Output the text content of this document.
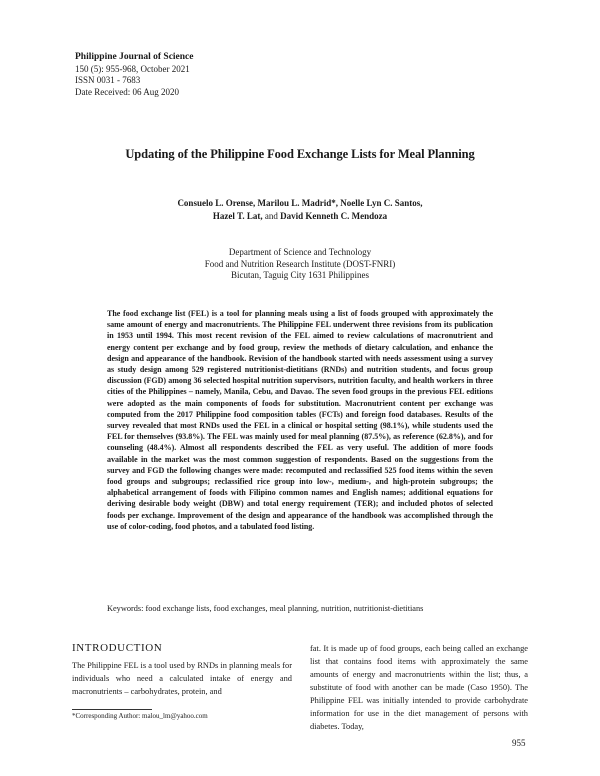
Philippine Journal of Science
150 (5): 955-968, October 2021
ISSN 0031 - 7683
Date Received: 06 Aug 2020
Updating of the Philippine Food Exchange Lists for Meal Planning
Consuelo L. Orense, Marilou L. Madrid*, Noelle Lyn C. Santos,
Hazel T. Lat, and David Kenneth C. Mendoza
Department of Science and Technology
Food and Nutrition Research Institute (DOST-FNRI)
Bicutan, Taguig City 1631 Philippines

The food exchange list (FEL) is a tool for planning meals using a list of foods grouped with approximately the same amount of energy and macronutrients. The Philippine FEL underwent three revisions from its publication in 1953 until 1994. This most recent revision of the FEL aimed to review calculations of macronutrient and energy content per exchange and by food group, review the methods of dietary calculation, and enhance the design and appearance of the handbook. Revision of the handbook started with needs assessment using a survey as study design among 529 registered nutritionist-dietitians (RNDs) and nutrition students, and focus group discussion (FGD) among 36 selected hospital nutrition supervisors, nutrition faculty, and health workers in three cities of the Philippines – namely, Manila, Cebu, and Davao. The seven food groups in the previous FEL editions were adopted as the main components of foods for substitution. Macronutrient content per exchange was computed from the 2017 Philippine food composition tables (FCTs) and foreign food databases. Results of the survey revealed that most RNDs used the FEL in a clinical or hospital setting (98.1%), while students used the FEL for themselves (93.8%). The FEL was mainly used for meal planning (87.5%), as reference (62.8%), and for counseling (48.4%). Almost all respondents described the FEL as very useful. The addition of more foods available in the market was the most common suggestion of respondents. Based on the suggestions from the survey and FGD the following changes were made: recomputed and reclassified 525 food items within the seven food groups and subgroups; reclassified rice group into low-, medium-, and high-protein subgroups; the alphabetical arrangement of foods with Filipino common names and English names; additional equations for deriving desirable body weight (DBW) and total energy requirement (TER); and included photos of selected foods per exchange. Improvement of the design and appearance of the handbook was accomplished through the use of color-coding, food photos, and a tabulated food listing.

Keywords: food exchange lists, food exchanges, meal planning, nutrition, nutritionist-dietitians
INTRODUCTION

The Philippine FEL is a tool used by RNDs in planning meals for individuals who need a calculated intake of energy and macronutrients – carbohydrates, protein, and

fat. It is made up of food groups, each being called an exchange list that contains food items with approximately the same amounts of energy and macronutrients within the list; thus, a substitute of food with another can be made (Caso 1950). The Philippine FEL was initially intended to provide carbohydrate information for use in the diet management of persons with diabetes. Today,

*Corresponding Author: malou_lm@yahoo.com
955
